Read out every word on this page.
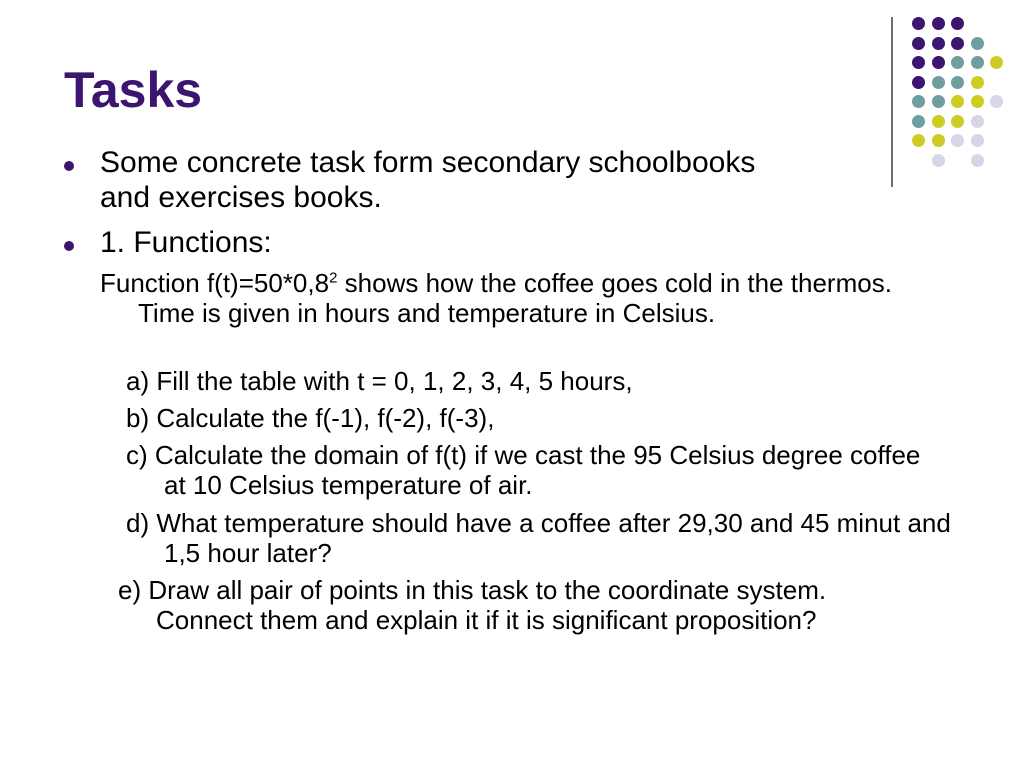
Tasks
Some concrete task form secondary schoolbooks
and exercises books.
1. Functions:
Function $f(t)=50*0,8^2$ shows how the coffee goes cold in the thermos. Time is given in hours and temperature in Celsius.
a) Fill the table with t = 0, 1, 2, 3, 4, 5 hours,
b) Calculate the f(-1), f(-2), f(-3),
c) Calculate the domain of f(t) if we cast the 95 Celsius degree coffee at 10 Celsius temperature of air.
d) What temperature should have a coffee after 29,30 and 45 minut and 1,5 hour later?
e) Draw all pair of points in this task to the coordinate system. Connect them and explain it if it is significant proposition?
